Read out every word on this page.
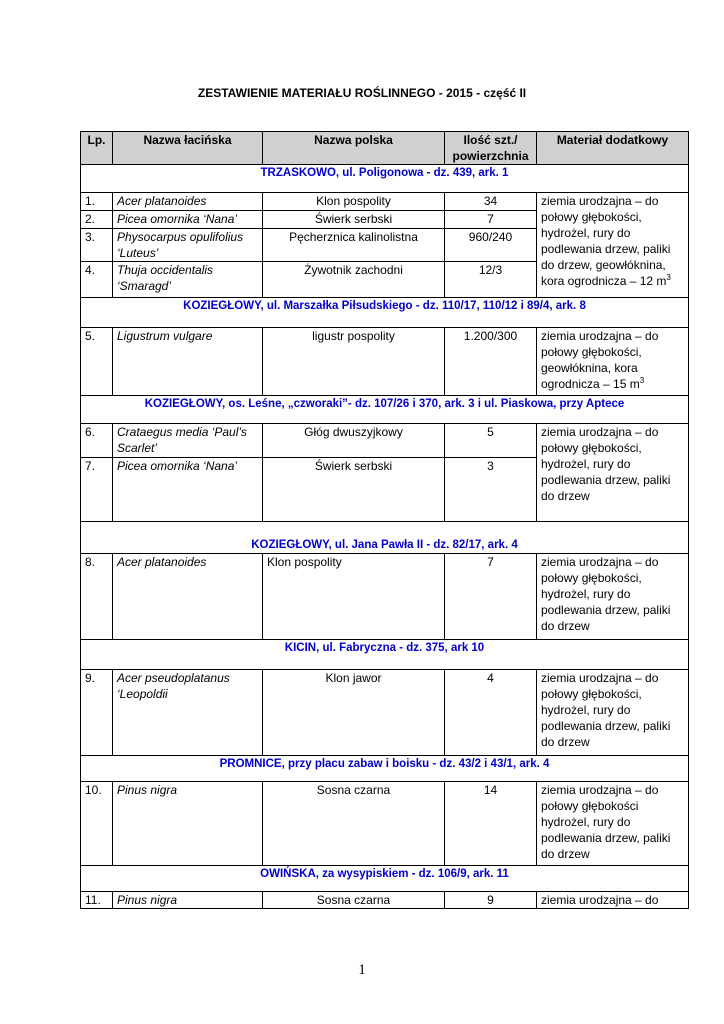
ZESTAWIENIE MATERIAŁU ROŚLINNEGO - 2015 - część II
Lp.	Nazwa łacińska	Nazwa polska	Ilość szt./ powierzchnia	Materiał dodatkowy
TRZASKOWO, ul. Poligonowa - dz. 439, ark. 1				
1.	Acer platanoides	Klon pospolity	34	ziemia urodzajna – do połowy głębokości, hydrożel, rury do podlewania drzew, paliki do drzew, geowłóknina, kora ogrodnicza – 12 $m^3$
2.	Picea omornika ‘Nana’	Świerk serbski	7	
3.	Physocarpus opulifolius ‘Luteus’	Pęcherznica kalinolistna	960/240	
4.	Thuja occidentalis ‘Smaragd’	Żywotnik zachodni	12/3	
KOZIEGŁOWY, ul. Marszałka Piłsudskiego - dz. 110/17, 110/12 i 89/4, ark. 8				
5.	Ligustrum vulgare	ligustr pospolity	1.200/300	ziemia urodzajna – do połowy głębokości, geowłóknina, kora ogrodnicza – 15 $m^3$
KOZIEGŁOWY, os. Leśne, „czworaki”- dz. 107/26 i 370, ark. 3 i ul. Piaskowa, przy Aptece				
6.	Crataegus media ‘Paul’s Scarlet’	Głóg dwuszyjkowy	5	ziemia urodzajna – do połowy głębokości, hydrożel, rury do podlewania drzew, paliki do drzew
7.	Picea omornika ‘Nana’	Świerk serbski	3	
KOZIEGŁOWY, ul. Jana Pawła II - dz. 82/17, ark. 4				
8.	Acer platanoides	Klon pospolity	7	ziemia urodzajna – do połowy głębokości, hydrożel, rury do podlewania drzew, paliki do drzew
KICIN, ul. Fabryczna - dz. 375, ark 10				
9.	Acer pseudoplatanus ‘Leopoldii	Klon jawor	4	ziemia urodzajna – do połowy głębokości, hydrożel, rury do podlewania drzew, paliki do drzew
PROMNICE, przy placu zabaw i boisku - dz. 43/2 i 43/1, ark. 4				
10.	Pinus nigra	Sosna czarna	14	ziemia urodzajna – do połowy głębokości hydrożel, rury do podlewania drzew, paliki do drzew
OWIŃSKA, za wysypiskiem - dz. 106/9, ark. 11				
11.	Pinus nigra	Sosna czarna	9	ziemia urodzajna – do
1
